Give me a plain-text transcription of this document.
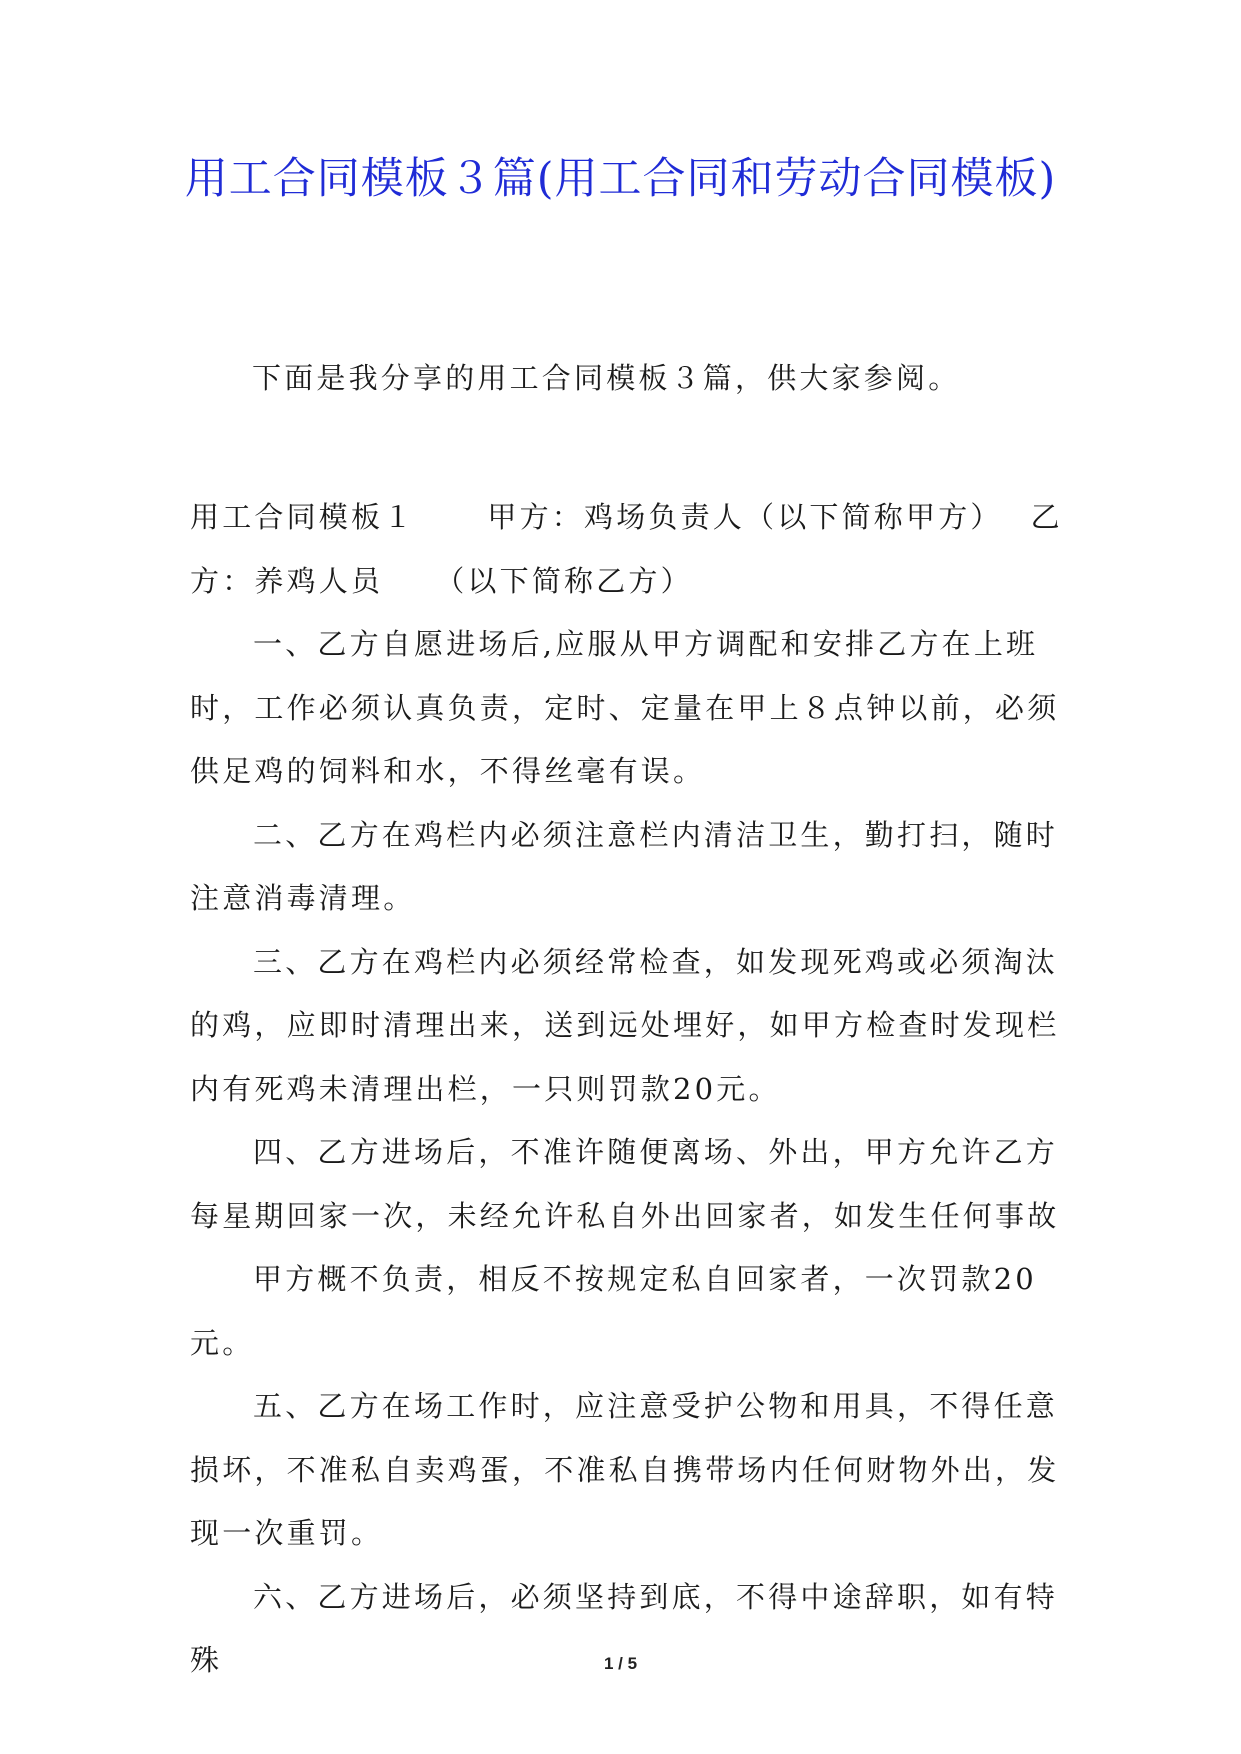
用工合同模板３篇(用工合同和劳动合同模板)

下面是我分享的用工合同模板３篇，供大家参阅。

用工合同模板１ 甲方：鸡场负责人（以下简称甲方） 乙方：养鸡人员 （以下简称乙方）

一、乙方自愿进场后,应服从甲方调配和安排乙方在上班时，工作必须认真负责，定时、定量在甲上８点钟以前，必须供足鸡的饲料和水，不得丝毫有误。

二、乙方在鸡栏内必须注意栏内清洁卫生，勤打扫，随时注意消毒清理。

三、乙方在鸡栏内必须经常检查，如发现死鸡或必须淘汰的鸡，应即时清理出来，送到远处埋好，如甲方检查时发现栏内有死鸡未清理出栏，一只则罚款20元。

四、乙方进场后，不准许随便离场、外出，甲方允许乙方每星期回家一次，未经允许私自外出回家者，如发生任何事故

甲方概不负责，相反不按规定私自回家者，一次罚款20元。

五、乙方在场工作时，应注意受护公物和用具，不得任意损坏，不准私自卖鸡蛋，不准私自携带场内任何财物外出，发现一次重罚。

六、乙方进场后，必须坚持到底，不得中途辞职，如有特殊	1 / 5
